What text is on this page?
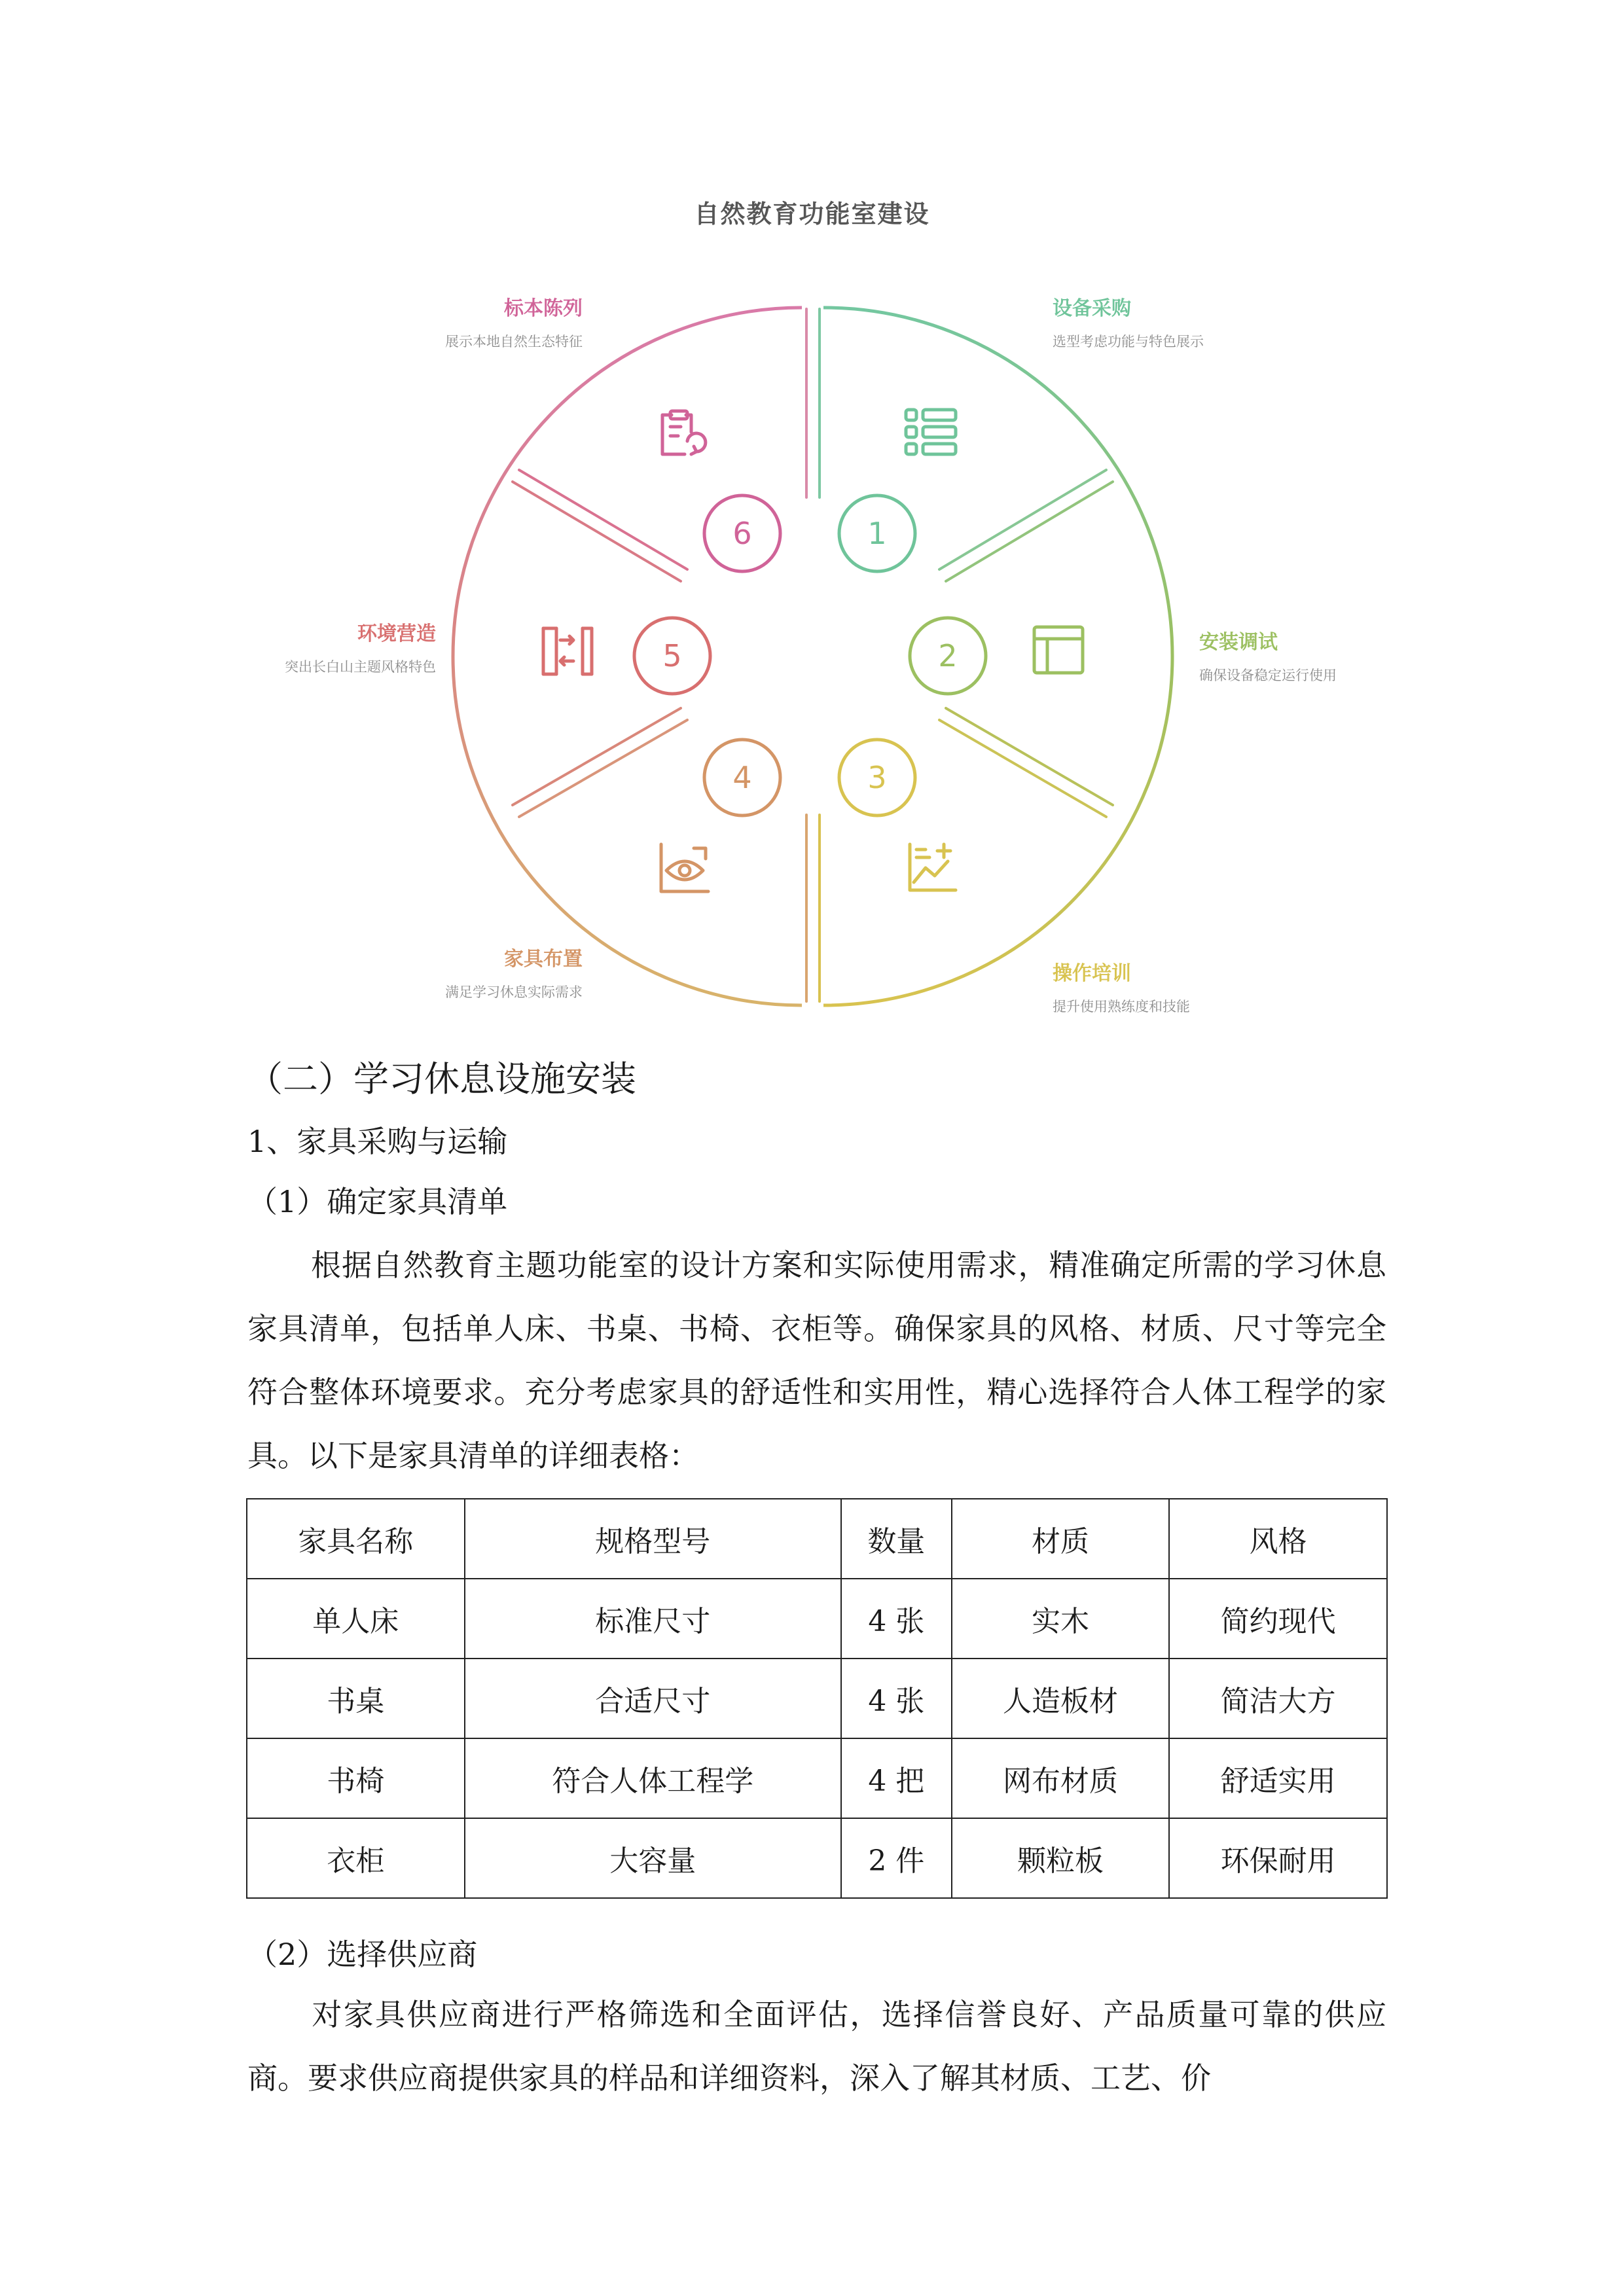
自然教育功能室建设
1
2
3
4
5
6
标本陈列
展示本地自然生态特征
设备采购
选型考虑功能与特色展示
环境营造
突出长白山主题风格特色
安装调试
确保设备稳定运行使用
家具布置
满足学习休息实际需求
操作培训
提升使用熟练度和技能
（二）学习休息设施安装
1、家具采购与运输
（1）确定家具清单

根据自然教育主题功能室的设计方案和实际使用需求，精准确定所需的学习休息家具清单，包括单人床、书桌、书椅、衣柜等。确保家具的风格、材质、尺寸等完全符合整体环境要求。充分考虑家具的舒适性和实用性，精心选择符合人体工程学的家具。以下是家具清单的详细表格：

家具名称	规格型号	数量	材质	风格
单人床	标准尺寸	4 张	实木	简约现代
书桌	合适尺寸	4 张	人造板材	简洁大方
书椅	符合人体工程学	4 把	网布材质	舒适实用
衣柜	大容量	2 件	颗粒板	环保耐用
（2）选择供应商

对家具供应商进行严格筛选和全面评估，选择信誉良好、产品质量可靠的供应商。要求供应商提供家具的样品和详细资料，深入了解其材质、工艺、价
